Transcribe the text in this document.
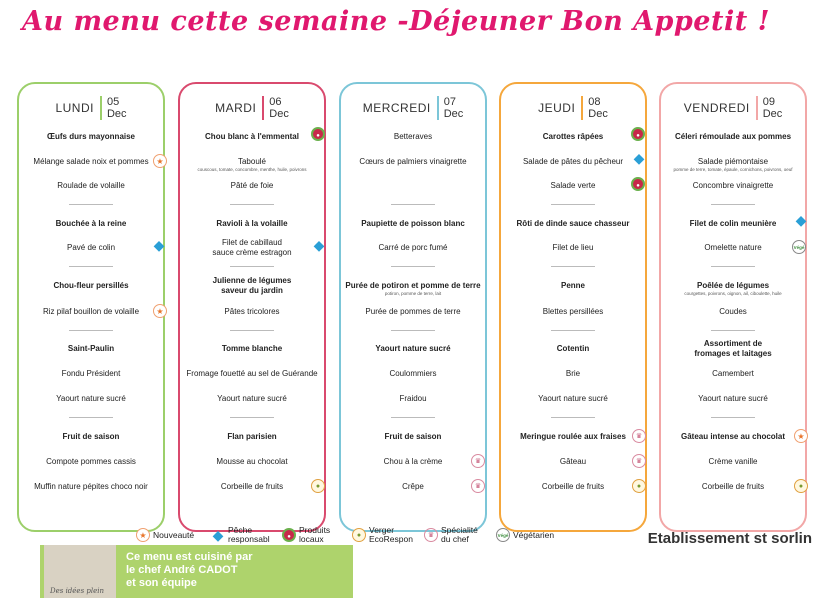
Au menu cette semaine -Déjeuner Bon Appetit !
LUNDI	05
Dec
Œufs durs mayonnaise
Mélange salade noix et pommes ★
Roulade de volaille
Bouchée à la reine
Pavé de colin	◆
Chou-fleur persillés
Riz pilaf bouillon de volaille	★
Saint-Paulin
Fondu Président
Yaourt nature sucré
Fruit de saison
Compote pommes cassis
Muffin nature pépites choco noir
MARDI	06
Dec
Chou blanc à l'emmental	●
Taboulé
couscous, tomate, concombre, menthe, huile, poivrons
Pâté de foie
Ravioli à la volaille
Filet de cabillaud
sauce crème estragon	◆
Julienne de légumes
saveur du jardin
Pâtes tricolores
Tomme blanche
Fromage fouetté au sel de Guérande
Yaourt nature sucré
Flan parisien
Mousse au chocolat
Corbeille de fruits	●
MERCREDI	07
Dec
Betteraves
Cœurs de palmiers vinaigrette
Paupiette de poisson blanc
Carré de porc fumé
Purée de potiron et pomme de terre
potiron, pomme de terre, lait
Purée de pommes de terre
Yaourt nature sucré
Coulommiers
Fraidou
Fruit de saison
Chou à la crème	♛
Crêpe	♛
JEUDI	08
Dec
Carottes râpées	●
Salade de pâtes du pêcheur ◆
Salade verte	●
Rôti de dinde sauce chasseur
Filet de lieu
Penne
Blettes persillées
Cotentin
Brie
Yaourt nature sucré
Meringue roulée aux fraises	♛
Gâteau	♛
Corbeille de fruits	●
VENDREDI	09
Dec
Céleri rémoulade aux pommes
Salade piémontaise
pomme de terre, tomate, épaule, cornichons, poivrons, oeuf
Concombre vinaigrette
Filet de colin meunière	◆
Omelette nature	Végé
Poêlée de légumes
courgettes, poivrons, oignon, ail, ciboulette, huile
Coudes
Assortiment de
fromages et laitages
Camembert
Yaourt nature sucré
Gâteau intense au chocolat	★
Crème vanille
Corbeille de fruits	●
★ Nouveauté ◆ Pêche
responsabl	●
Produits
locaux	●
Verger
EcoRespon	♛
Spécialité
du chef	Végé Végétarien	Etablissement st sorlin
Des idées plein
Ce menu est cuisiné par
le chef André CADOT
et son équipe
